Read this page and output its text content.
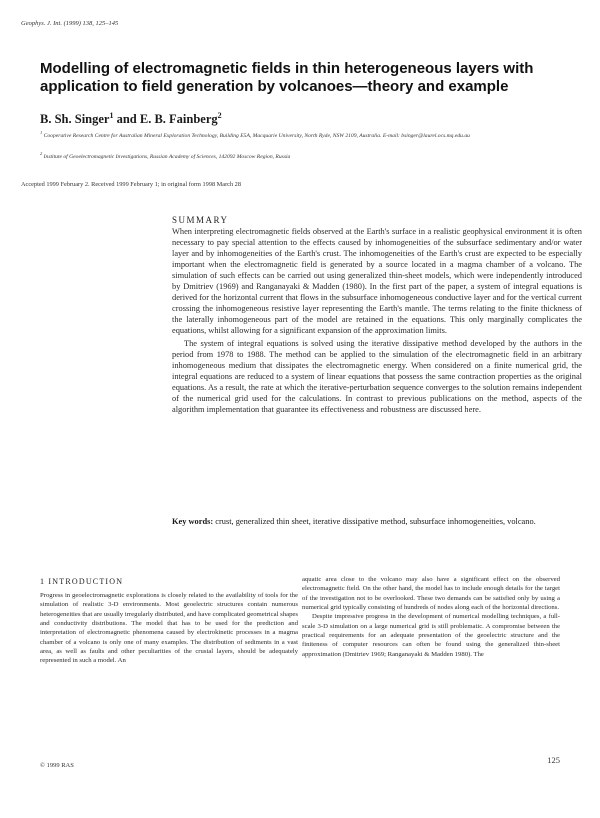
Geophys. J. Int. (1999) 138, 125–145
Modelling of electromagnetic fields in thin heterogeneous layers with application to field generation by volcanoes—theory and example
B. Sh. Singer$^1$ and E. B. Fainberg$^2$
$^1$ Cooperative Research Centre for Australian Mineral Exploration Technology, Building E5A, Macquarie University, North Ryde, NSW 2109, Australia. E-mail: bsinger@laurel.ocs.mq.edu.au
$^2$ Institute of Geoelectromagnetic Investigations, Russian Academy of Sciences, 142092 Moscow Region, Russia
Accepted 1999 February 2. Received 1999 February 1; in original form 1998 March 28
SUMMARY

When interpreting electromagnetic fields observed at the Earth's surface in a realistic geophysical environment it is often necessary to pay special attention to the effects caused by inhomogeneities of the subsurface sedimentary and/or water layer and by inhomogeneities of the Earth's crust. The inhomogeneities of the Earth's crust are expected to be especially important when the electromagnetic field is generated by a source located in a magma chamber of a volcano. The simulation of such effects can be carried out using generalized thin-sheet models, which were independently introduced by Dmitriev (1969) and Ranganayaki & Madden (1980). In the first part of the paper, a system of integral equations is derived for the horizontal current that flows in the subsurface inhomogeneous conductive layer and for the vertical current crossing the inhomogeneous resistive layer representing the Earth's mantle. The terms relating to the finite thickness of the laterally inhomogeneous part of the model are retained in the equations. This only marginally complicates the equations, whilst allowing for a significant expansion of the approximation limits.

The system of integral equations is solved using the iterative dissipative method developed by the authors in the period from 1978 to 1988. The method can be applied to the simulation of the electromagnetic field in an arbitrary inhomogeneous medium that dissipates the electromagnetic energy. When considered on a finite numerical grid, the integral equations are reduced to a system of linear equations that possess the same contraction properties as the original equations. As a result, the rate at which the iterative-perturbation sequence converges to the solution remains independent of the numerical grid used for the calculations. In contrast to previous publications on the method, aspects of the algorithm implementation that guarantee its effectiveness and robustness are discussed here.

Key words: crust, generalized thin sheet, iterative dissipative method, subsurface inhomogeneities, volcano.
1 INTRODUCTION

Progress in geoelectromagnetic explorations is closely related to the availability of tools for the simulation of realistic 3-D environments. Most geoelectric structures contain numerous heterogeneities that are usually irregularly distributed, and have complicated geometrical shapes and conductivity distributions. The model that has to be used for the prediction and interpretation of electromagnetic phenomena caused by electrokinetic processes in a magma chamber of a volcano is only one of many examples. The distribution of sediments in a vast area, as well as faults and other peculiarities of the crustal layers, should be adequately represented in such a model. An

aquatic area close to the volcano may also have a significant effect on the observed electromagnetic field. On the other hand, the model has to include enough details for the target of the investigation not to be overlooked. These two demands can be satisfied only by using a numerical grid typically consisting of hundreds of nodes along each of the horizontal directions.

Despite impressive progress in the development of numerical modelling techniques, a full-scale 3-D simulation on a large numerical grid is still problematic. A compromise between the practical requirements for an adequate presentation of the geoelectric structure and the finiteness of computer resources can often be found using the generalized thin-sheet approximation (Dmitriev 1969; Ranganayaki & Madden 1980). The

© 1999 RAS
125
